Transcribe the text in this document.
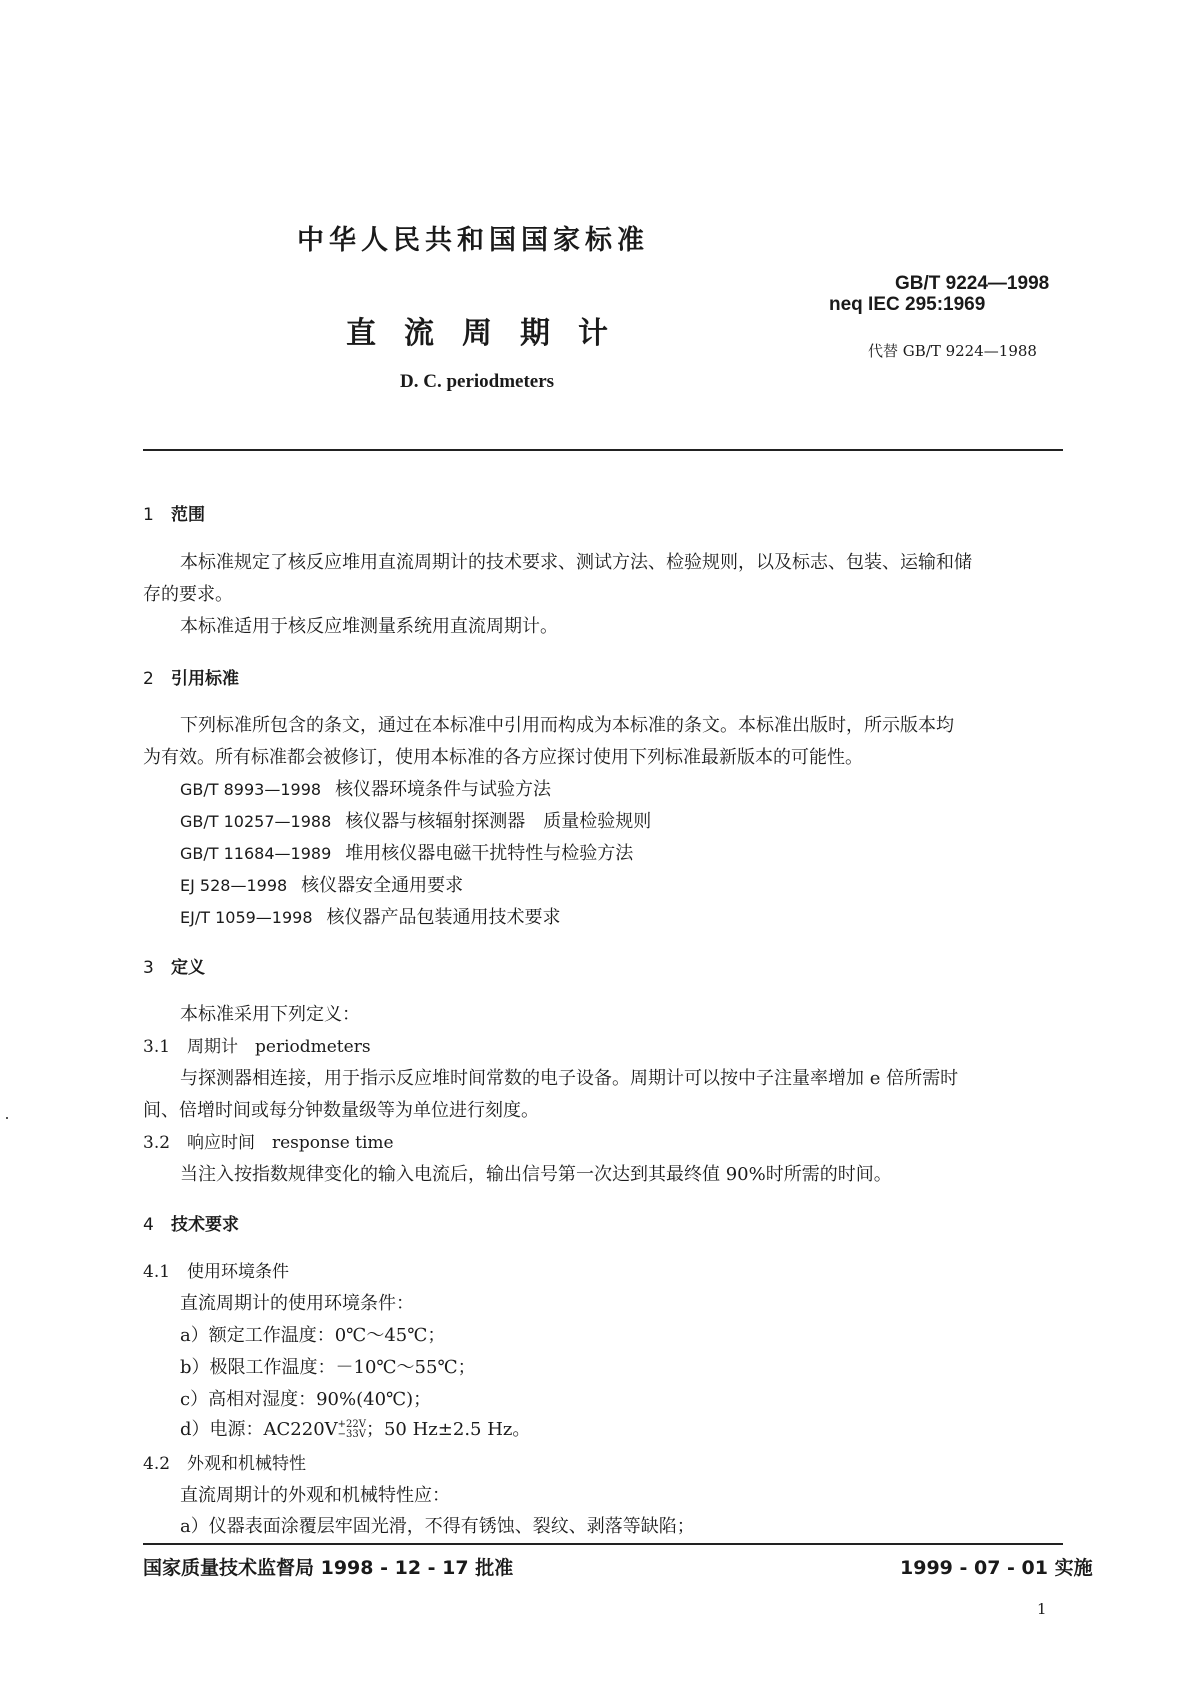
中华人民共和国国家标准
直流周期计
D. C. periodmeters
GB/T 9224—1998
neq IEC 295:1969
代替 GB/T 9224—1988
1 范围
本标准规定了核反应堆用直流周期计的技术要求、测试方法、检验规则，以及标志、包装、运输和储
存的要求。
本标准适用于核反应堆测量系统用直流周期计。
2 引用标准
下列标准所包含的条文，通过在本标准中引用而构成为本标准的条文。本标准出版时，所示版本均
为有效。所有标准都会被修订，使用本标准的各方应探讨使用下列标准最新版本的可能性。
GB/T 8993—1998 核仪器环境条件与试验方法
GB/T 10257—1988 核仪器与核辐射探测器　质量检验规则
GB/T 11684—1989 堆用核仪器电磁干扰特性与检验方法
EJ 528—1998 核仪器安全通用要求
EJ/T 1059—1998 核仪器产品包装通用技术要求
3 定义
本标准采用下列定义：
3.1 周期计　periodmeters
与探测器相连接，用于指示反应堆时间常数的电子设备。周期计可以按中子注量率增加 e 倍所需时
间、倍增时间或每分钟数量级等为单位进行刻度。
3.2 响应时间　response time
当注入按指数规律变化的输入电流后，输出信号第一次达到其最终值 90%时所需的时间。
4 技术要求
4.1 使用环境条件
直流周期计的使用环境条件：
a）额定工作温度：0℃～45℃；
b）极限工作温度：－10℃～55℃；
c）高相对湿度：90%(40℃)；
d）电源：AC220V +22V
−33V ；50 Hz±2.5 Hz。
4.2 外观和机械特性
直流周期计的外观和机械特性应：
a）仪器表面涂覆层牢固光滑，不得有锈蚀、裂纹、剥落等缺陷；
国家质量技术监督局 1998 - 12 - 17 批准	1999 - 07 - 01 实施
1
